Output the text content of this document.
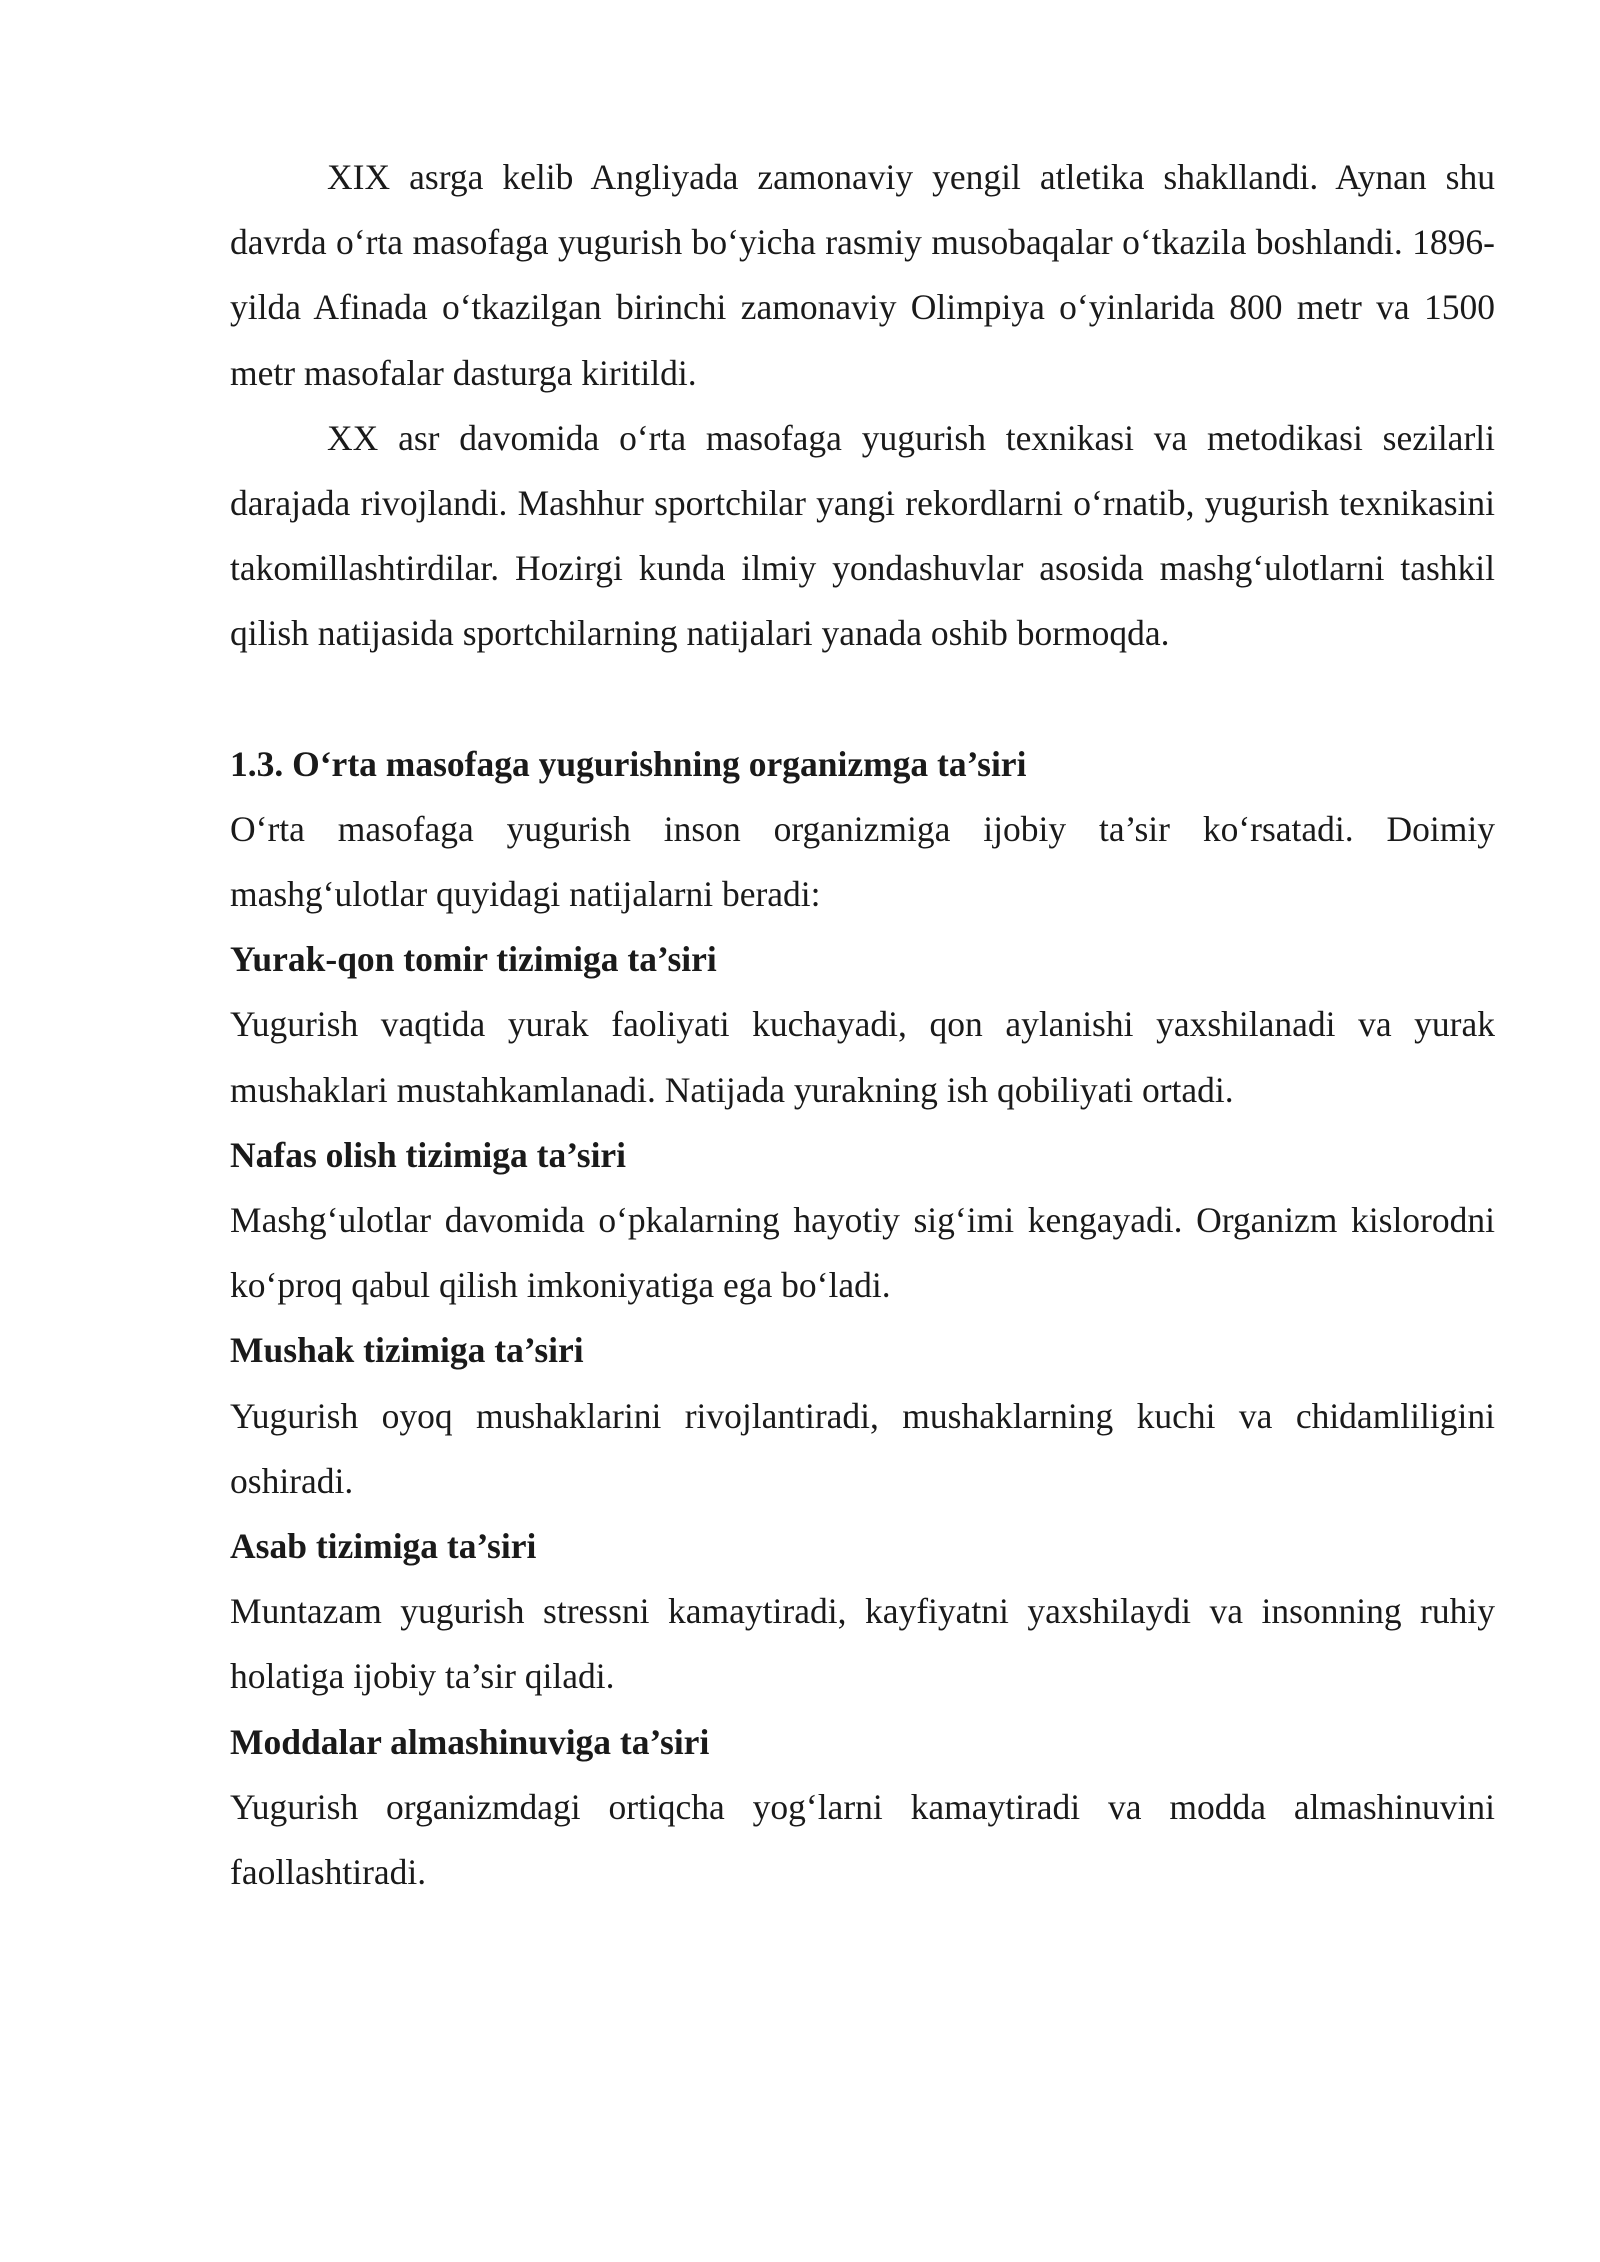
XIX asrga kelib Angliyada zamonaviy yengil atletika shakllandi. Aynan shu davrda oʻrta masofaga yugurish boʻyicha rasmiy musobaqalar oʻtkazila boshlandi. 1896-yilda Afinada oʻtkazilgan birinchi zamonaviy Olimpiya oʻyinlarida 800 metr va 1500 metr masofalar dasturga kiritildi.

XX asr davomida oʻrta masofaga yugurish texnikasi va metodikasi sezilarli darajada rivojlandi. Mashhur sportchilar yangi rekordlarni oʻrnatib, yugurish texnikasini takomillashtirdilar. Hozirgi kunda ilmiy yondashuvlar asosida mashgʻulotlarni tashkil qilish natijasida sportchilarning natijalari yanada oshib bormoqda.

1.3. Oʻrta masofaga yugurishning organizmga ta’siri

Oʻrta masofaga yugurish inson organizmiga ijobiy ta’sir koʻrsatadi. Doimiy mashgʻulotlar quyidagi natijalarni beradi:

Yurak-qon tomir tizimiga ta’siri

Yugurish vaqtida yurak faoliyati kuchayadi, qon aylanishi yaxshilanadi va yurak mushaklari mustahkamlanadi. Natijada yurakning ish qobiliyati ortadi.

Nafas olish tizimiga ta’siri

Mashgʻulotlar davomida oʻpkalarning hayotiy sigʻimi kengayadi. Organizm kislorodni koʻproq qabul qilish imkoniyatiga ega boʻladi.

Mushak tizimiga ta’siri

Yugurish oyoq mushaklarini rivojlantiradi, mushaklarning kuchi va chidamliligini oshiradi.

Asab tizimiga ta’siri

Muntazam yugurish stressni kamaytiradi, kayfiyatni yaxshilaydi va insonning ruhiy holatiga ijobiy ta’sir qiladi.

Moddalar almashinuviga ta’siri

Yugurish organizmdagi ortiqcha yogʻlarni kamaytiradi va modda almashinuvini faollashtiradi.
